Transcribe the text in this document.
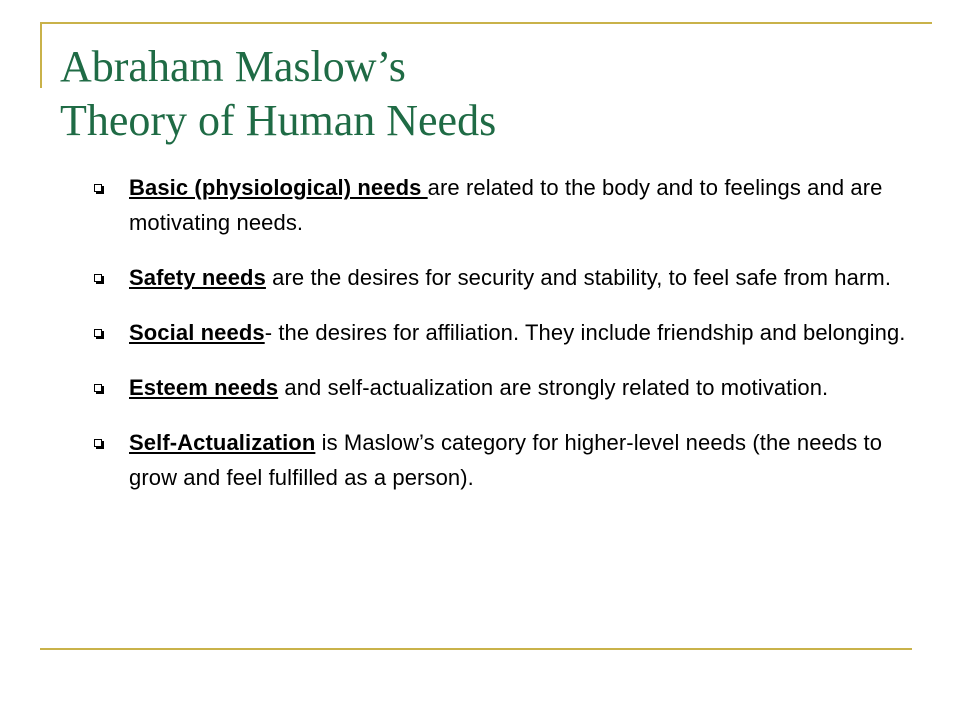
Abraham Maslow’s
Theory of Human Needs
Basic (physiological) needs are related to the body and to feelings and are motivating needs.
Safety needs are the desires for security and stability, to feel safe from harm.
Social needs- the desires for affiliation. They include friendship and belonging.
Esteem needs and self-actualization are strongly related to motivation.
Self-Actualization is Maslow’s category for higher-level needs (the needs to grow and feel fulfilled as a person).
